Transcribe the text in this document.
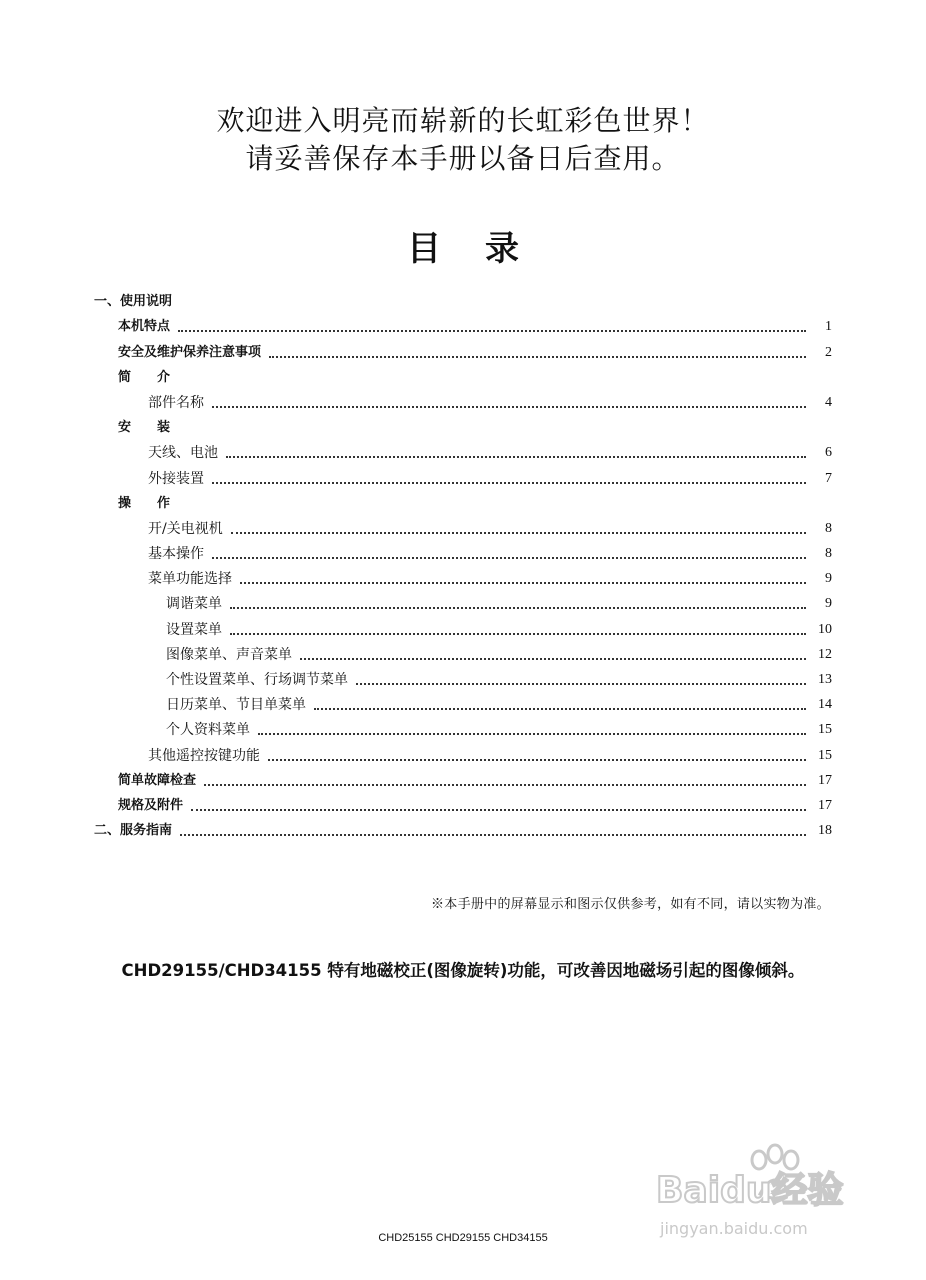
欢迎进入明亮而崭新的长虹彩色世界！
请妥善保存本手册以备日后查用。
目 录
一、使用说明
本机特点	1
安全及维护保养注意事项	2
简　　介
部件名称	4
安　　装
天线、电池	6
外接装置	7
操　　作
开/关电视机	8
基本操作	8
菜单功能选择	9
调谐菜单	9
设置菜单	10
图像菜单、声音菜单	12
个性设置菜单、行场调节菜单	13
日历菜单、节目单菜单	14
个人资料菜单	15
其他遥控按键功能	15
简单故障检查	17
规格及附件	17
二、服务指南	18
※本手册中的屏幕显示和图示仅供参考，如有不同，请以实物为准。
CHD29155/CHD34155 特有地磁校正(图像旋转)功能，可改善因地磁场引起的图像倾斜。
Baidu经验
jingyan.baidu.com
CHD25155 CHD29155 CHD34155
